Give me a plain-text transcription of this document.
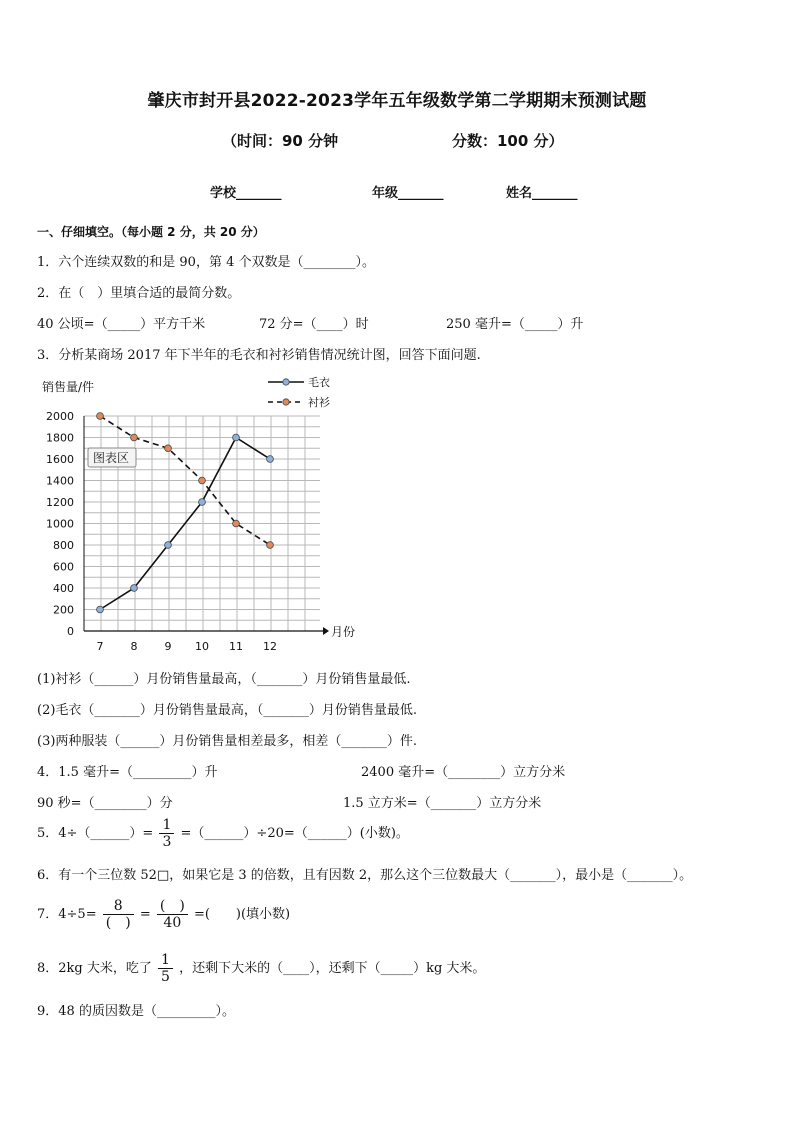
肇庆市封开县2022-2023学年五年级数学第二学期期末预测试题
（时间：90 分钟	分数：100 分）
学校_______	年级_______	姓名_______
一、仔细填空。（每小题 2 分，共 20 分）
1．六个连续双数的和是 90，第 4 个双数是（________）。
2．在（　）里填合适的最简分数。
40 公顷=（_____）平方千米	72 分=（____）时	250 毫升=（_____）升
3．分析某商场 2017 年下半年的毛衣和衬衫销售情况统计图，回答下面问题.
0
200
400
600
800
1000
1200
1400
1600
1800
2000
7 8 9 10 11 12
毛衣
衬衫
销售量/件
月份
图表区
(1)衬衫（______）月份销售量最高，（_______）月份销售量最低.
(2)毛衣（_______）月份销售量最高，（_______）月份销售量最低.
(3)两种服装（______）月份销售量相差最多，相差（_______）件.
4．1.5 毫升=（_________）升	2400 毫升=（________）立方分米
90 秒=（________）分	1.5 立方米=（_______）立方分米
5．4÷（______）= $\frac{1}{3}$ =（______）÷20=（______）(小数)。
6．有一个三位数 52□，如果它是 3 的倍数，且有因数 2，那么这个三位数最大（_______），最小是（_______）。
7．$4\div 5= \frac{8}{( )} = \frac{( )}{40}$ =(　　)(填小数)
8．2kg 大米，吃了 $\frac{1}{5}$ ，还剩下大米的（____），还剩下（_____）kg 大米。
9．48 的质因数是（_________）。
